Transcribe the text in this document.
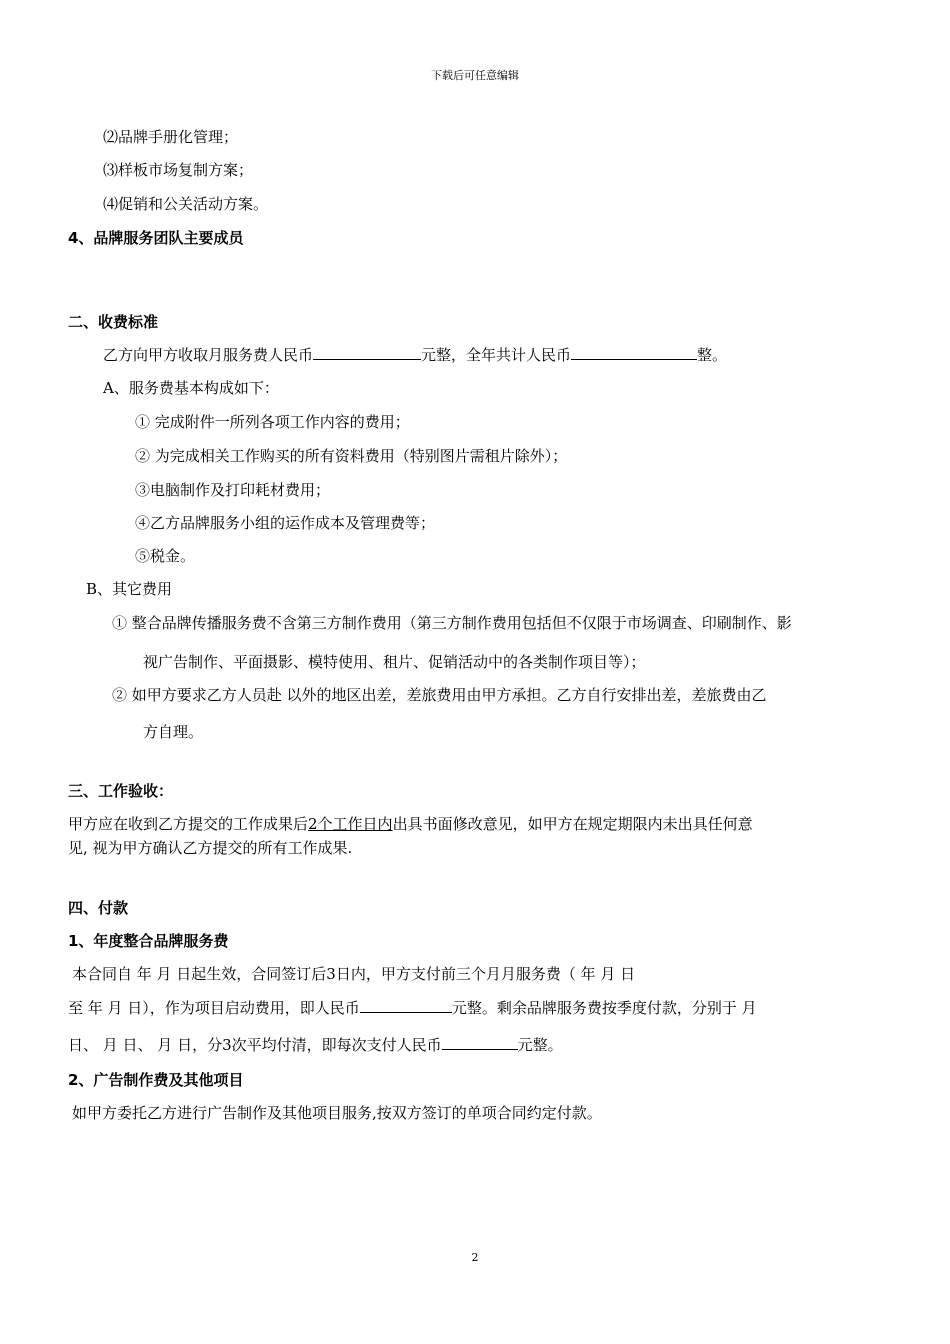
下载后可任意编辑
⑵品牌手册化管理；
⑶样板市场复制方案；
⑷促销和公关活动方案。
4、品牌服务团队主要成员
二、收费标准
乙方向甲方收取月服务费人民币	元整，全年共计人民币	整。
A、服务费基本构成如下：
① 完成附件一所列各项工作内容的费用；
② 为完成相关工作购买的所有资料费用（特别图片需租片除外）；
③电脑制作及打印耗材费用；
④乙方品牌服务小组的运作成本及管理费等；
⑤税金。
B、其它费用
① 整合品牌传播服务费不含第三方制作费用（第三方制作费用包括但不仅限于市场调查、印刷制作、影
视广告制作、平面摄影、模特使用、租片、促销活动中的各类制作项目等）；
② 如甲方要求乙方人员赴 以外的地区出差，差旅费用由甲方承担。乙方自行安排出差，差旅费由乙
方自理。
三、工作验收：
甲方应在收到乙方提交的工作成果后2个工作日内出具书面修改意见，如甲方在规定期限内未出具任何意
见, 视为甲方确认乙方提交的所有工作成果.
四、付款
1、年度整合品牌服务费
本合同自 年 月 日起生效，合同签订后3日内，甲方支付前三个月月服务费（ 年 月 日
至 年 月 日），作为项目启动费用，即人民币	元整。剩余品牌服务费按季度付款，分别于 月
日、 月 日、 月 日，分3次平均付清，即每次支付人民币	元整。
2、广告制作费及其他项目
如甲方委托乙方进行广告制作及其他项目服务,按双方签订的单项合同约定付款。
2
